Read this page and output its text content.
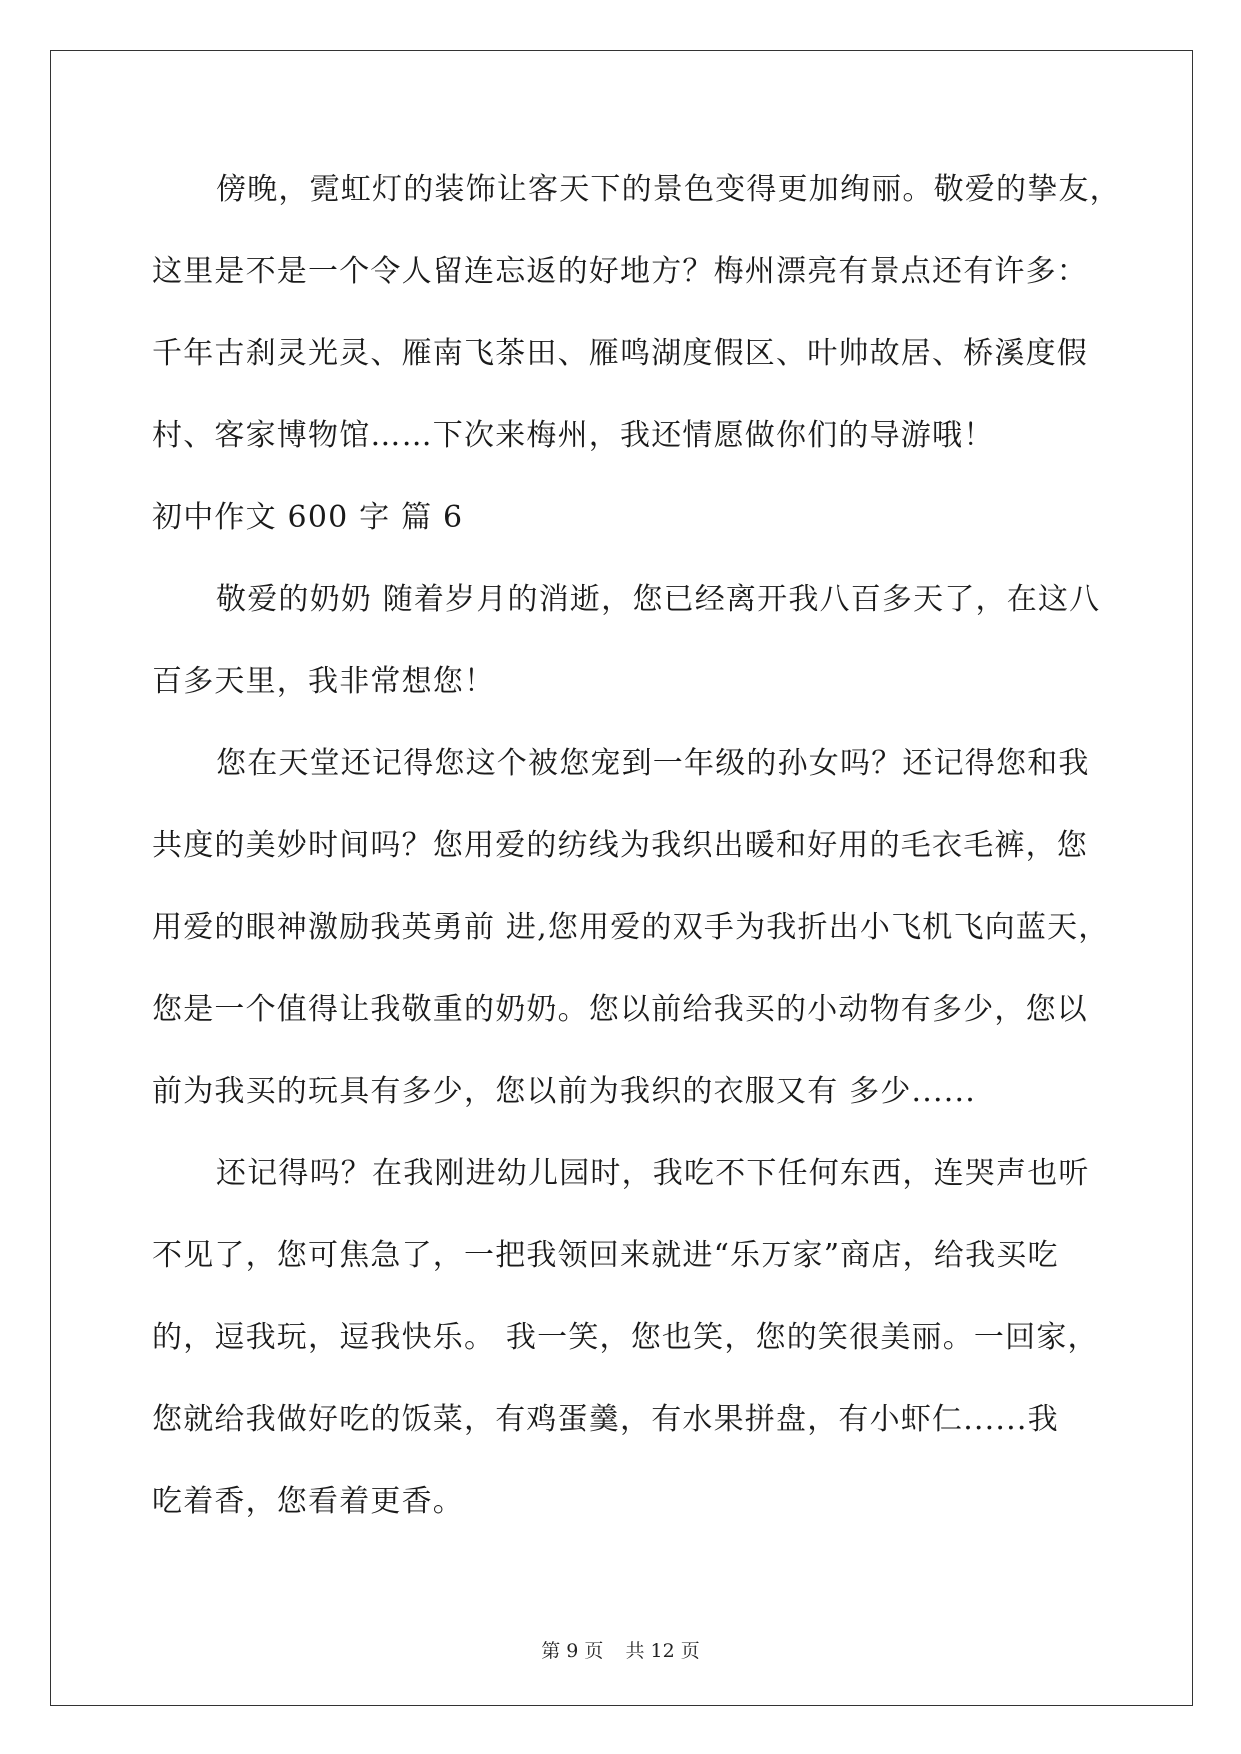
傍晚，霓虹灯的装饰让客天下的景色变得更加绚丽。敬爱的挚友，
这里是不是一个令人留连忘返的好地方？梅州漂亮有景点还有许多：
千年古刹灵光灵、雁南飞茶田、雁鸣湖度假区、叶帅故居、桥溪度假
村、客家博物馆……下次来梅州，我还情愿做你们的导游哦！
初中作文 600 字 篇 6
敬爱的奶奶 随着岁月的消逝，您已经离开我八百多天了，在这八
百多天里，我非常想您！
您在天堂还记得您这个被您宠到一年级的孙女吗？还记得您和我
共度的美妙时间吗？您用爱的纺线为我织出暖和好用的毛衣毛裤，您
用爱的眼神激励我英勇前 进,您用爱的双手为我折出小飞机飞向蓝天，
您是一个值得让我敬重的奶奶。您以前给我买的小动物有多少，您以
前为我买的玩具有多少，您以前为我织的衣服又有 多少......
还记得吗？在我刚进幼儿园时，我吃不下任何东西，连哭声也听
不见了，您可焦急了，一把我领回来就进“乐万家”商店，给我买吃
的，逗我玩，逗我快乐。 我一笑，您也笑，您的笑很美丽。一回家，
您就给我做好吃的饭菜，有鸡蛋羹，有水果拼盘，有小虾仁......我
吃着香，您看着更香。
第 9 页 共 12 页
